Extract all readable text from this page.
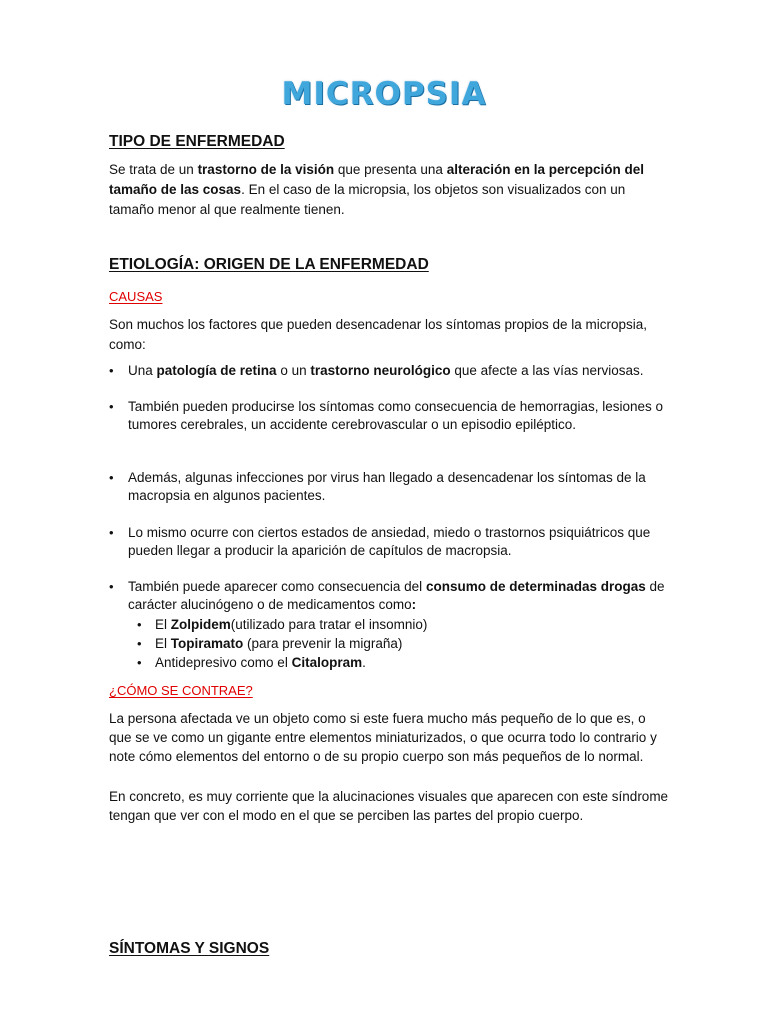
MICROPSIA
TIPO DE ENFERMEDAD
Se trata de un trastorno de la visión que presenta una alteración en la percepción del tamaño de las cosas. En el caso de la micropsia, los objetos son visualizados con un tamaño menor al que realmente tienen.
ETIOLOGÍA: ORIGEN DE LA ENFERMEDAD
CAUSAS
Son muchos los factores que pueden desencadenar los síntomas propios de la micropsia, como:
• Una patología de retina o un trastorno neurológico que afecte a las vías nerviosas.
• También pueden producirse los síntomas como consecuencia de hemorragias, lesiones o tumores cerebrales, un accidente cerebrovascular o un episodio epiléptico.
• Además, algunas infecciones por virus han llegado a desencadenar los síntomas de la macropsia en algunos pacientes.
• Lo mismo ocurre con ciertos estados de ansiedad, miedo o trastornos psiquiátricos que pueden llegar a producir la aparición de capítulos de macropsia.
• También puede aparecer como consecuencia del consumo de determinadas drogas de carácter alucinógeno o de medicamentos como:
• El Zolpidem(utilizado para tratar el insomnio)
• El Topiramato (para prevenir la migraña)
• Antidepresivo como el Citalopram.
¿CÓMO SE CONTRAE?
La persona afectada ve un objeto como si este fuera mucho más pequeño de lo que es, o que se ve como un gigante entre elementos miniaturizados, o que ocurra todo lo contrario y note cómo elementos del entorno o de su propio cuerpo son más pequeños de lo normal.
En concreto, es muy corriente que la alucinaciones visuales que aparecen con este síndrome tengan que ver con el modo en el que se perciben las partes del propio cuerpo.
SÍNTOMAS Y SIGNOS
